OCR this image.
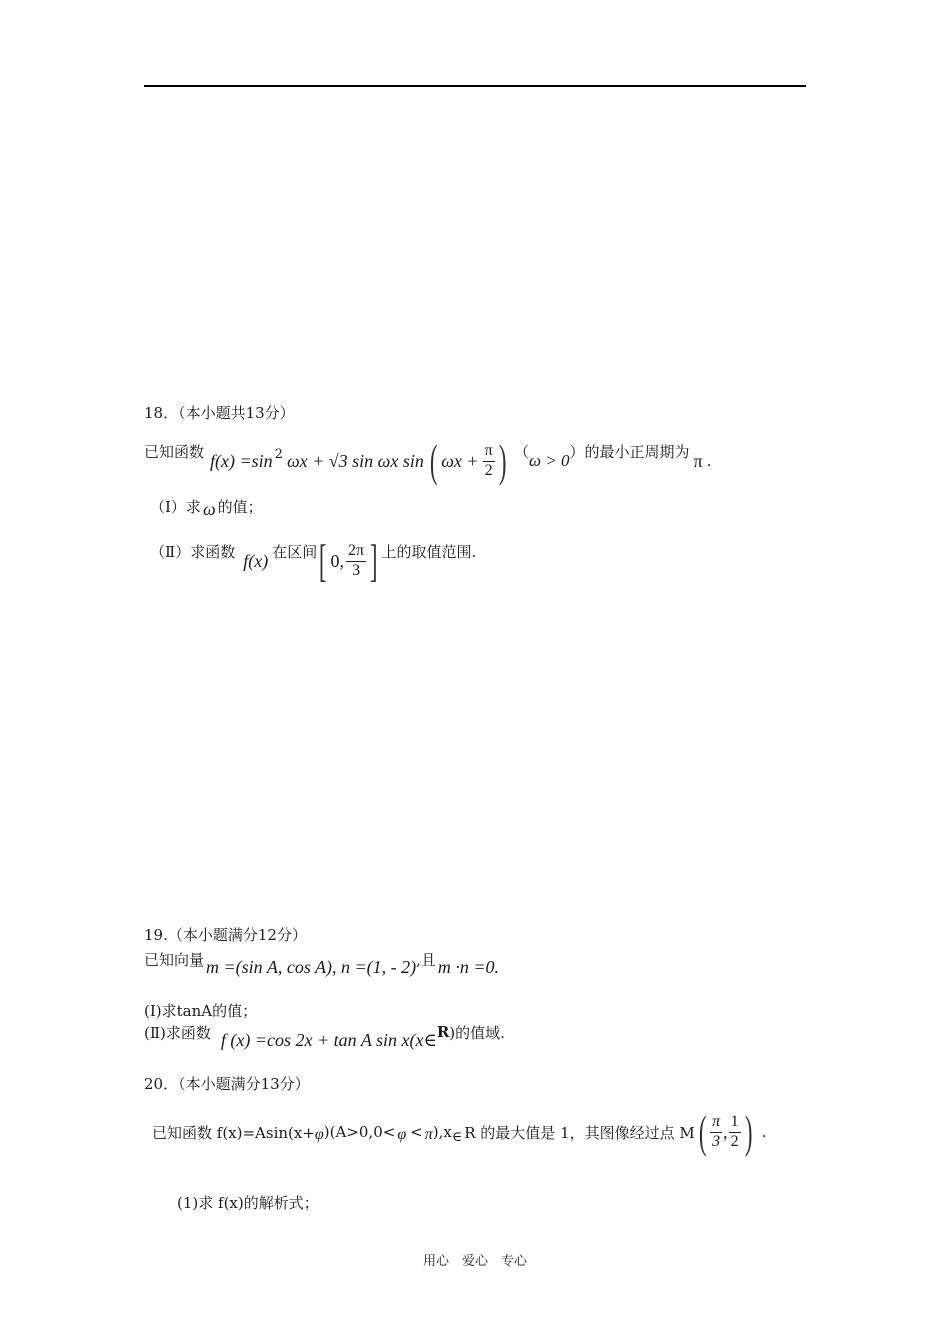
18．（本小题共13分）
已知函数 $f(x) =\sin^2$ ωx + √3 sin ωx sin ( $\omega x + \frac{\pi}{2}$ ) （ ω > 0 ）的最小正周期为 π .
（Ⅰ）求 ω 的值；
（Ⅱ）求函数 f(x) 在区间 [ 0, $\frac{2\pi}{3}$ ] 上的取值范围.
19.（本小题满分12分）
已知向量 m =(sin A, cos A), n =(1, - 2) ,且 m ·n =0.
(Ⅰ)求tanA的值；
(Ⅱ)求函数 f (x) =cos 2x + tan A sin x(x∈ R )的值域.
20．（本小题满分13分）
已知函数 f(x)=Asin(x+ φ )(A>0,0< φ < π ),x ∈ R 的最大值是 1，其图像经过点 M ( $\frac{\pi}{3}$ , $\frac{1}{2}$ ) .
(1)求 f(x)的解析式；
用心　爱心　专心
